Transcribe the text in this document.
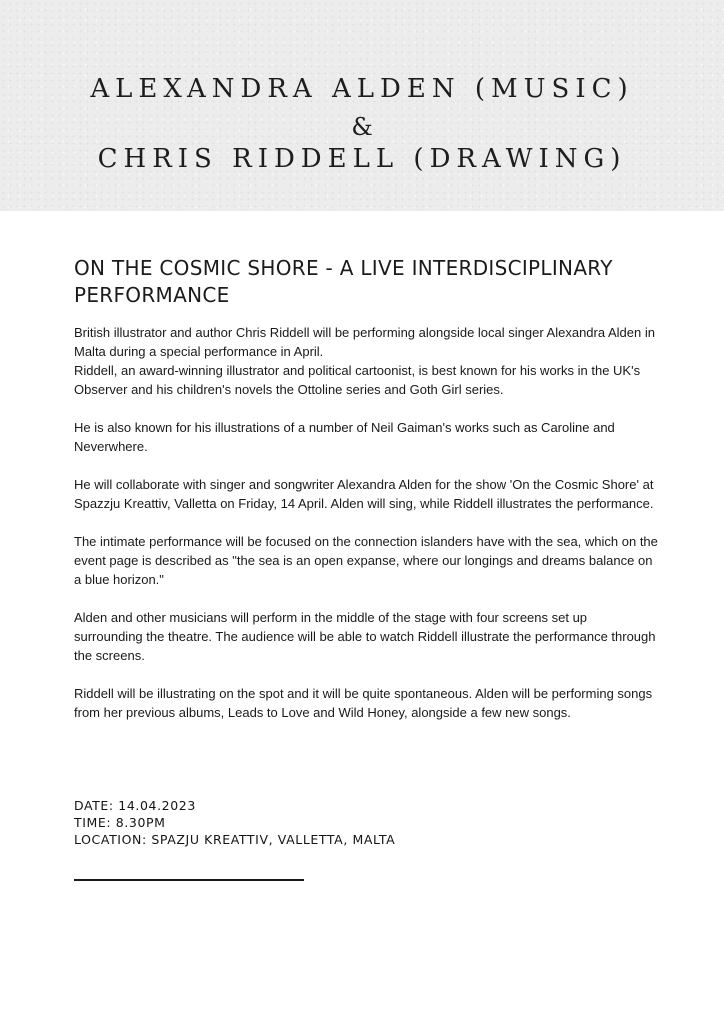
ALEXANDRA ALDEN (MUSIC)
&
CHRIS RIDDELL (DRAWING)
ON THE COSMIC SHORE - A LIVE INTERDISCIPLINARY PERFORMANCE

British illustrator and author Chris Riddell will be performing alongside local singer Alexandra Alden in Malta during a special performance in April.

Riddell, an award-winning illustrator and political cartoonist, is best known for his works in the UK's Observer and his children's novels the Ottoline series and Goth Girl series.

He is also known for his illustrations of a number of Neil Gaiman's works such as Caroline and Neverwhere.

He will collaborate with singer and songwriter Alexandra Alden for the show 'On the Cosmic Shore' at Spazzju Kreattiv, Valletta on Friday, 14 April. Alden will sing, while Riddell illustrates the performance.

The intimate performance will be focused on the connection islanders have with the sea, which on the event page is described as "the sea is an open expanse, where our longings and dreams balance on a blue horizon."

Alden and other musicians will perform in the middle of the stage with four screens set up surrounding the theatre. The audience will be able to watch Riddell illustrate the performance through the screens.

Riddell will be illustrating on the spot and it will be quite spontaneous. Alden will be performing songs from her previous albums, Leads to Love and Wild Honey, alongside a few new songs.

DATE: 14.04.2023
TIME: 8.30PM
LOCATION: SPAZJU KREATTIV, VALLETTA, MALTA
